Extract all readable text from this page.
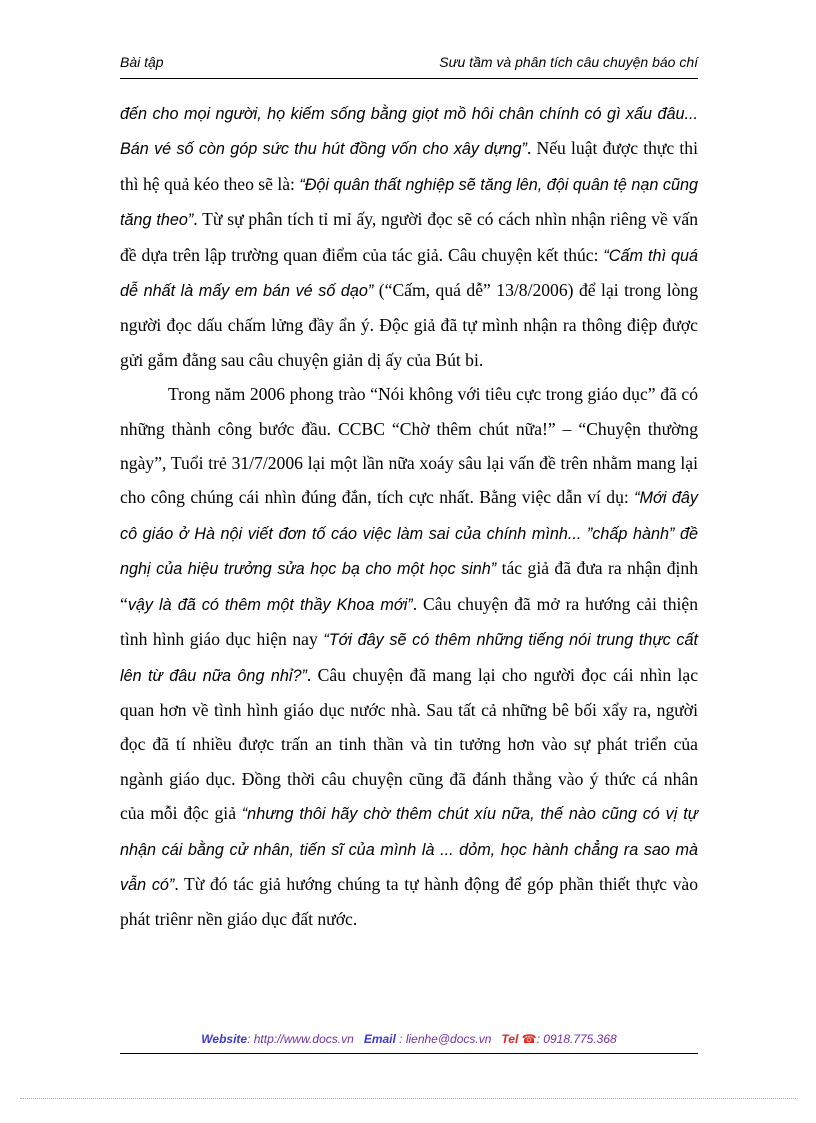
Bài tập	Sưu tầm và phân tích câu chuyện báo chí

đến cho mọi người, họ kiếm sống bằng giọt mồ hôi chân chính có gì xấu đâu... Bán vé số còn góp sức thu hút đồng vốn cho xây dựng”. Nếu luật được thực thi thì hệ quả kéo theo sẽ là: “Đội quân thất nghiệp sẽ tăng lên, đội quân tệ nạn cũng tăng theo”. Từ sự phân tích tỉ mỉ ấy, người đọc sẽ có cách nhìn nhận riêng về vấn đề dựa trên lập trường quan điểm của tác giả. Câu chuyện kết thúc: “Cấm thì quá dễ nhất là mấy em bán vé số dạo” (“Cấm, quá dễ” 13/8/2006) để lại trong lòng người đọc dấu chấm lửng đầy ẩn ý. Độc giả đã tự mình nhận ra thông điệp được gửi gắm đằng sau câu chuyện giản dị ấy của Bút bi.

Trong năm 2006 phong trào “Nói không với tiêu cực trong giáo dục” đã có những thành công bước đầu. CCBC “Chờ thêm chút nữa!” – “Chuyện thường ngày”, Tuổi trẻ 31/7/2006 lại một lần nữa xoáy sâu lại vấn đề trên nhằm mang lại cho công chúng cái nhìn đúng đắn, tích cực nhất. Bằng việc dẫn ví dụ: “Mới đây cô giáo ở Hà nội viết đơn tố cáo việc làm sai của chính mình... ”chấp hành” đề nghị của hiệu trưởng sửa học bạ cho một học sinh” tác giả đã đưa ra nhận định “vậy là đã có thêm một thầy Khoa mới”. Câu chuyện đã mở ra hướng cải thiện tình hình giáo dục hiện nay “Tới đây sẽ có thêm những tiếng nói trung thực cất lên từ đâu nữa ông nhỉ?”. Câu chuyện đã mang lại cho người đọc cái nhìn lạc quan hơn về tình hình giáo dục nước nhà. Sau tất cả những bê bối xẩy ra, người đọc đã tí nhiều được trấn an tinh thần và tin tưởng hơn vào sự phát triển của ngành giáo dục. Đồng thời câu chuyện cũng đã đánh thẳng vào ý thức cá nhân của mỗi độc giả “nhưng thôi hãy chờ thêm chút xíu nữa, thế nào cũng có vị tự nhận cái bằng cử nhân, tiến sĩ của mình là ... dỏm, học hành chẳng ra sao mà vẫn có”. Từ đó tác giả hướng chúng ta tự hành động để góp phần thiết thực vào phát triênr nền giáo dục đất nước.

Website: http://www.docs.vn Email : lienhe@docs.vn Tel ☎: 0918.775.368
